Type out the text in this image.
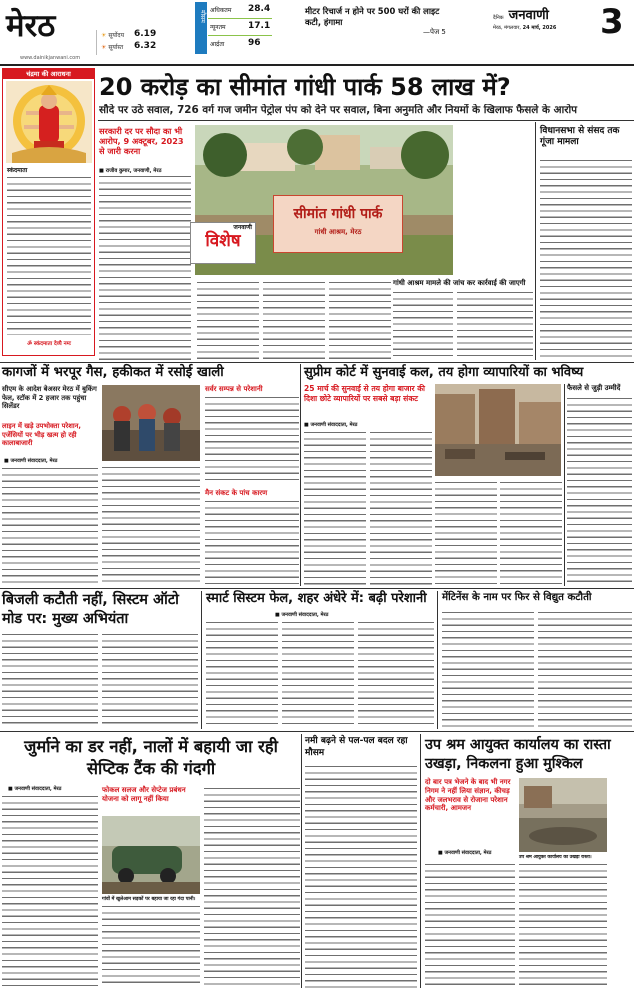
मेरठ
www.dainikjanwani.com
☀ सूर्योदय 6.19
☀ सूर्यास्त 6.32
मौसम अधिकतम 28.4
न्यूनतम 17.1
आर्द्रता	96
मीटर रिचार्ज न होने पर 500 घरों की लाइट कटी, हंगामा
—पेज 5
दैनिक जनवाणी
मेरठ, मंगलवार, 24 मार्च, 2026	3
चंद्रमा की आराधना
स्कंदमाता
ॐ स्कंदमाता देव्यै नमः
20 करोड़ का सीमांत गांधी पार्क 58 लाख में?
सौदे पर उठे सवाल, 726 वर्ग गज जमीन पेट्रोल पंप को देने पर सवाल, बिना अनुमति और नियमों के खिलाफ फैसले के आरोप
सरकारी दर पर सौदा का भी आरोप, 9 अक्टूबर, 2023 से जारी करना
■ राजीव कुमार, जनवाणी, मेरठ
सीमांत गांधी पार्क
गांधी आश्रम, मेरठ
जनवाणी
विशेष
गांधी आश्रम मामले की जांच कर कार्रवाई की जाएगी
विधानसभा से संसद तक गूंजा मामला
कागजों में भरपूर गैस, हकीकत में रसोई खाली
सीएम के आदेश बेअसर मेरठ में बुकिंग फेल, स्टॉक में 2 हजार तक पहुंचा सिलेंडर
लाइन में खड़े उपभोक्ता परेशान, एजेंसियों पर भीड़ खत्म हो रही कालाबाजारी
■ जनवाणी संवाददाता, मेरठ
सर्वर सम्पन्न से परेशानी
मैन संकट के पांच कारण
सुप्रीम कोर्ट में सुनवाई कल, तय होगा व्यापारियों का भविष्य
25 मार्च की सुनवाई से तय होगा बाजार की दिशा छोटे व्यापारियों पर सबसे बड़ा संकट
■ जनवाणी संवाददाता, मेरठ
फैसले से जुड़ी उम्मीदें
बिजली कटौती नहीं, सिस्टम ऑटो मोड पर: मुख्य अभियंता
स्मार्ट सिस्टम फेल, शहर अंधेरे में: बढ़ी परेशानी
■ जनवाणी संवाददाता, मेरठ
मेंटिनेंस के नाम पर फिर से विद्युत कटौती
जुर्माने का डर नहीं, नालों में बहायी जा रही सेप्टिक टैंक की गंदगी
■ जनवाणी संवाददाता, मेरठ	फोकल सलज और सेप्टेज प्रबंधन योजना को लागू नहीं किया
गांवों में खुलेआम सड़कों पर बहाया जा रहा गंदा पानी।
नमी बढ़ने से पल-पल बदल रहा मौसम	उप श्रम आयुक्त कार्यालय का रास्ता उखड़ा, निकलना हुआ मुश्किल
दो बार पत्र भेजने के बाद भी नगर निगम ने नहीं लिया संज्ञान, कीचड़ और जलभराव से रोजाना परेशान कर्मचारी, आमजन
उप श्रम आयुक्त कार्यालय का उखड़ा रास्ता।
■ जनवाणी संवाददाता, मेरठ
